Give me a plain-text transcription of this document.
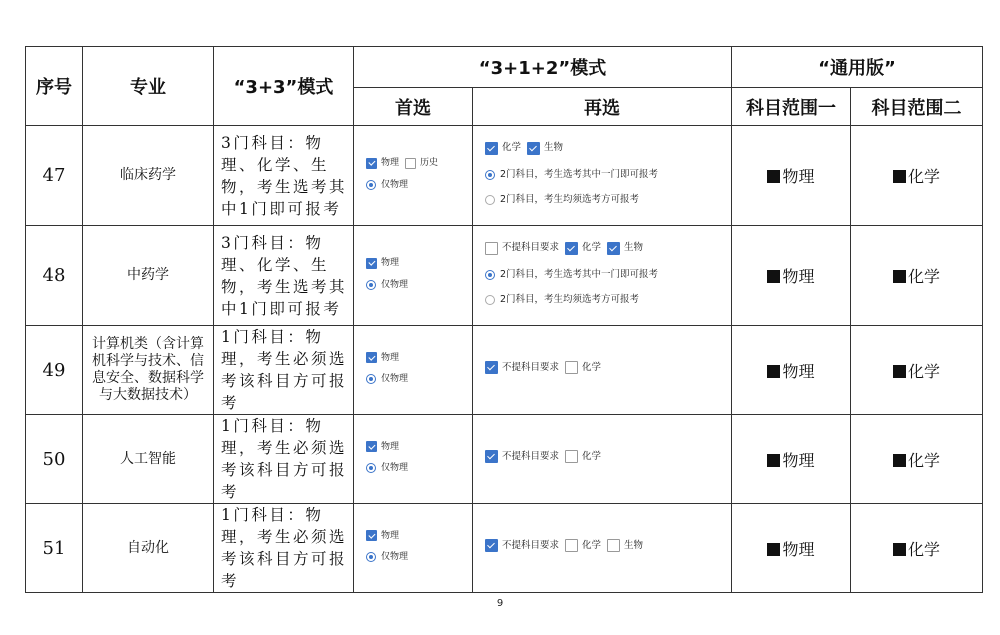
序号	专业	“3+3”模式	“3+1+2”模式		“通用版”	
			首选	再选	科目范围一	科目范围二
47	临床药学	3门科目：物理、化学、生物，考生选考其中1门即可报考	物理 历史
仅物理	化学 生物
2门科目，考生选考其中一门即可报考
2门科目，考生均须选考方可报考	物理	化学
48	中药学	3门科目：物理、化学、生物，考生选考其中1门即可报考	物理
仅物理	不提科目要求 化学 生物
2门科目，考生选考其中一门即可报考
2门科目，考生均须选考方可报考	物理	化学
49	计算机类（含计算机科学与技术、信息安全、数据科学与大数据技术）	1门科目：物理，考生必须选考该科目方可报考	物理
仅物理	不提科目要求 化学	物理	化学
50	人工智能	1门科目：物理，考生必须选考该科目方可报考	物理
仅物理	不提科目要求 化学	物理	化学
51	自动化	1门科目：物理，考生必须选考该科目方可报考	物理
仅物理	不提科目要求 化学 生物	物理	化学
9
